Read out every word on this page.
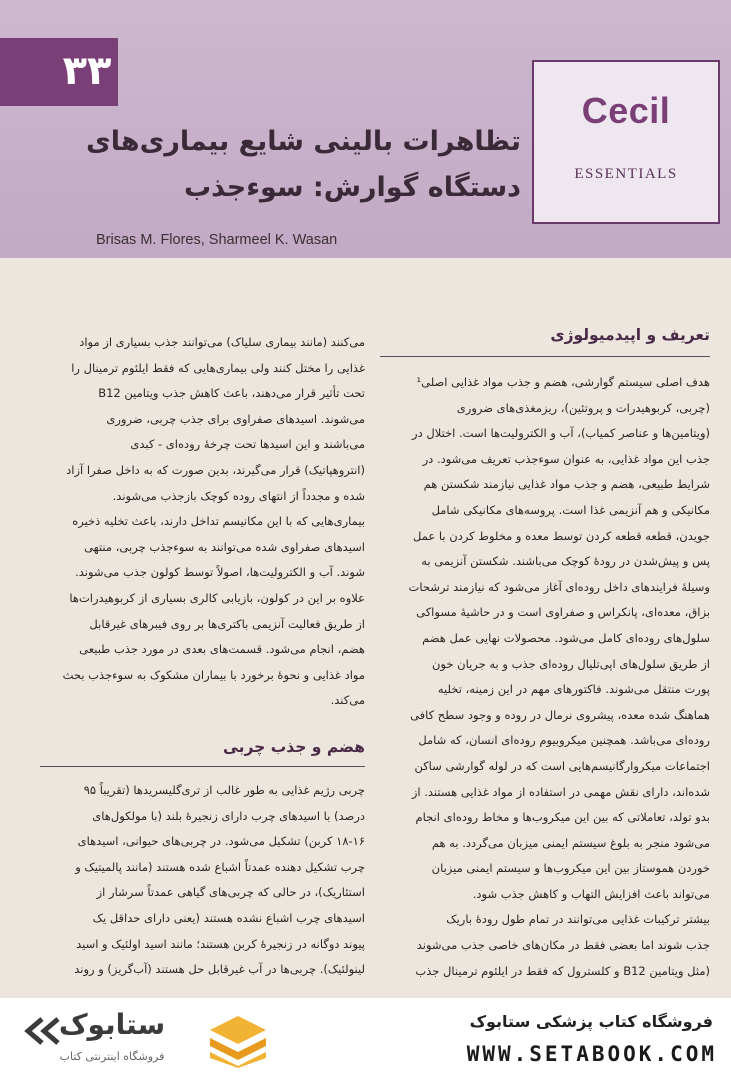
۳۳
Cecil
ESSENTIALS
تظاهرات بالینی شایع بیماری‌های
دستگاه گوارش: سوءجذب
Brisas M. Flores, Sharmeel K. Wasan
تعریف و اپیدمیولوژی
هدف اصلی سیستم گوارشی، هضم و جذب مواد غذایی اصلی¹
(چربی، کربوهیدرات و پروتئین)، ریزمغذی‌های ضروری
(ویتامین‌ها و عناصر کمیاب)، آب و الکترولیت‌ها است. اختلال در
جذب این مواد غذایی، به عنوان سوءجذب تعریف می‌شود. در
شرایط طبیعی، هضم و جذب مواد غذایی نیازمند شکستن هم
مکانیکی و هم آنزیمی غذا است. پروسه‌های مکانیکی شامل
جویدن، قطعه قطعه کردن توسط معده و مخلوط کردن با عمل
پس و پیش‌شدن در رودهٔ کوچک می‌باشند. شکستن آنزیمی به
وسیلهٔ فرایندهای داخل روده‌ای آغاز می‌شود که نیازمند ترشحات
بزاق، معده‌ای، پانکراس و صفراوی است و در حاشیهٔ مسواکی
سلول‌های روده‌ای کامل می‌شود. محصولات نهایی عمل هضم
از طریق سلول‌های اپی‌تلیال روده‌ای جذب و به جریان خون
پورت منتقل می‌شوند. فاکتورهای مهم در این زمینه، تخلیه
هماهنگ شده معده، پیشروی نرمال در روده و وجود سطح کافی
روده‌ای می‌باشد. همچنین میکروبیوم روده‌ای انسان، که شامل
اجتماعات میکروارگانیسم‌هایی است که در لوله گوارشی ساکن
شده‌اند، دارای نقش مهمی در استفاده از مواد غذایی هستند. از
بدو تولد، تعاملاتی که بین این میکروب‌ها و مخاط روده‌ای انجام
می‌شود منجر به بلوغ سیستم ایمنی میزبان می‌گردد. به هم
خوردن هموستاز بین این میکروب‌ها و سیستم ایمنی میزبان
می‌تواند باعث افزایش التهاب و کاهش جذب شود.
بیشتر ترکیبات غذایی می‌توانند در تمام طول رودهٔ باریک
جذب شوند اما بعضی فقط در مکان‌های خاصی جذب می‌شوند
(مثل ویتامین B12 و کلسترول که فقط در ایلئوم ترمینال جذب
می‌کنند (مانند بیماری سلیاک) می‌توانند جذب بسیاری از مواد
غذایی را مختل کنند ولی بیماری‌هایی که فقط ایلئوم ترمینال را
تحت تأثیر قرار می‌دهند، باعث کاهش جذب ویتامین B12
می‌شوند. اسیدهای صفراوی برای جذب چربی، ضروری
می‌باشند و این اسیدها تحت چرخهٔ روده‌ای - کبدی
(انتروهپاتیک) قرار می‌گیرند، بدین صورت که به داخل صفرا آزاد
شده و مجدداً از انتهای روده کوچک بازجذب می‌شوند.
بیماری‌هایی که با این مکانیسم تداخل دارند، باعث تخلیه ذخیره
اسیدهای صفراوی شده می‌توانند به سوءجذب چربی، منتهی
شوند. آب و الکترولیت‌ها، اصولاً توسط کولون جذب می‌شوند.
علاوه بر این در کولون، بازیابی کالری بسیاری از کربوهیدرات‌ها
از طریق فعالیت آنزیمی باکتری‌ها بر روی فیبرهای غیرقابل
هضم، انجام می‌شود. قسمت‌های بعدی در مورد جذب طبیعی
مواد غذایی و نحوهٔ برخورد با بیماران مشکوک به سوءجذب بحث
می‌کند.
هضم و جذب چربی
چربی رژیم غذایی به طور غالب از تری‌گلیسریدها (تقریباً ۹۵
درصد) با اسیدهای چرب دارای زنجیرهٔ بلند (با مولکول‌های
۱۸-۱۶ کربن) تشکیل می‌شود. در چربی‌های حیوانی، اسیدهای
چرب تشکیل دهنده عمدتاً اشباع شده هستند (مانند پالمیتیک و
استئاریک)، در حالی که چربی‌های گیاهی عمدتاً سرشار از
اسیدهای چرب اشباع نشده هستند (یعنی دارای حداقل یک
پیوند دوگانه در زنجیرهٔ کربن هستند؛ مانند اسید اولئیک و اسید
لینولئیک). چربی‌ها در آب غیرقابل حل هستند (آب‌گریز) و روند
فروشگاه کتاب پزشکی ستابوک
WWW.SETABOOK.COM
ستابوک
فروشگاه اینترنتی کتاب
